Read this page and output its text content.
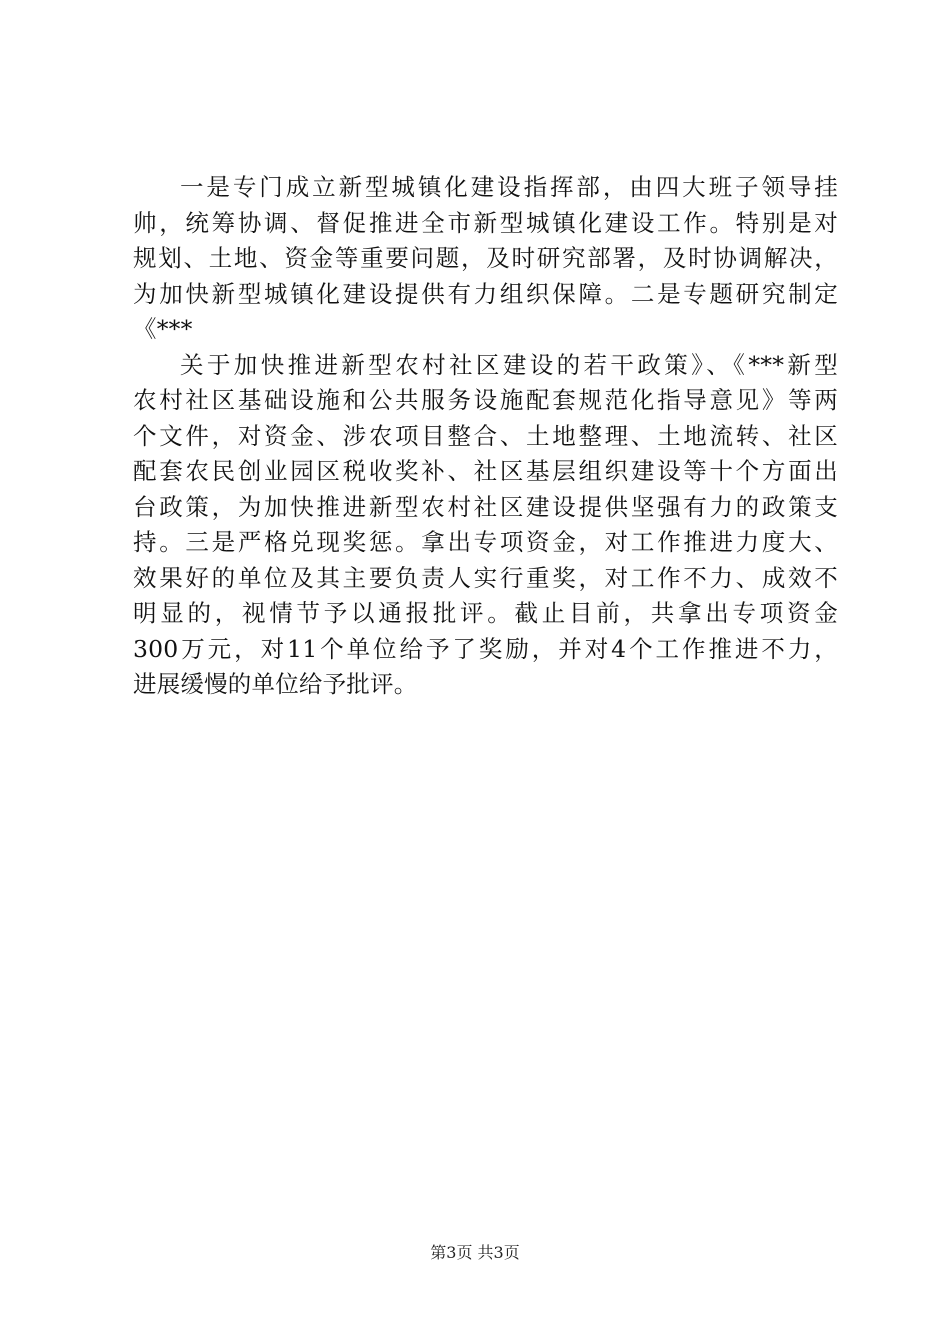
一是专门成立新型城镇化建设指挥部，由四大班子领导挂
帅，统筹协调、督促推进全市新型城镇化建设工作。特别是对
规划、土地、资金等重要问题，及时研究部署，及时协调解决，
为加快新型城镇化建设提供有力组织保障。二是专题研究制定
《***
关于加快推进新型农村社区建设的若干政策》、《***新型
农村社区基础设施和公共服务设施配套规范化指导意见》等两
个文件，对资金、涉农项目整合、土地整理、土地流转、社区
配套农民创业园区税收奖补、社区基层组织建设等十个方面出
台政策，为加快推进新型农村社区建设提供坚强有力的政策支
持。三是严格兑现奖惩。拿出专项资金，对工作推进力度大、
效果好的单位及其主要负责人实行重奖，对工作不力、成效不
明显的，视情节予以通报批评。截止目前，共拿出专项资金
300万元，对11个单位给予了奖励，并对4个工作推进不力，
进展缓慢的单位给予批评。
第3页 共3页
